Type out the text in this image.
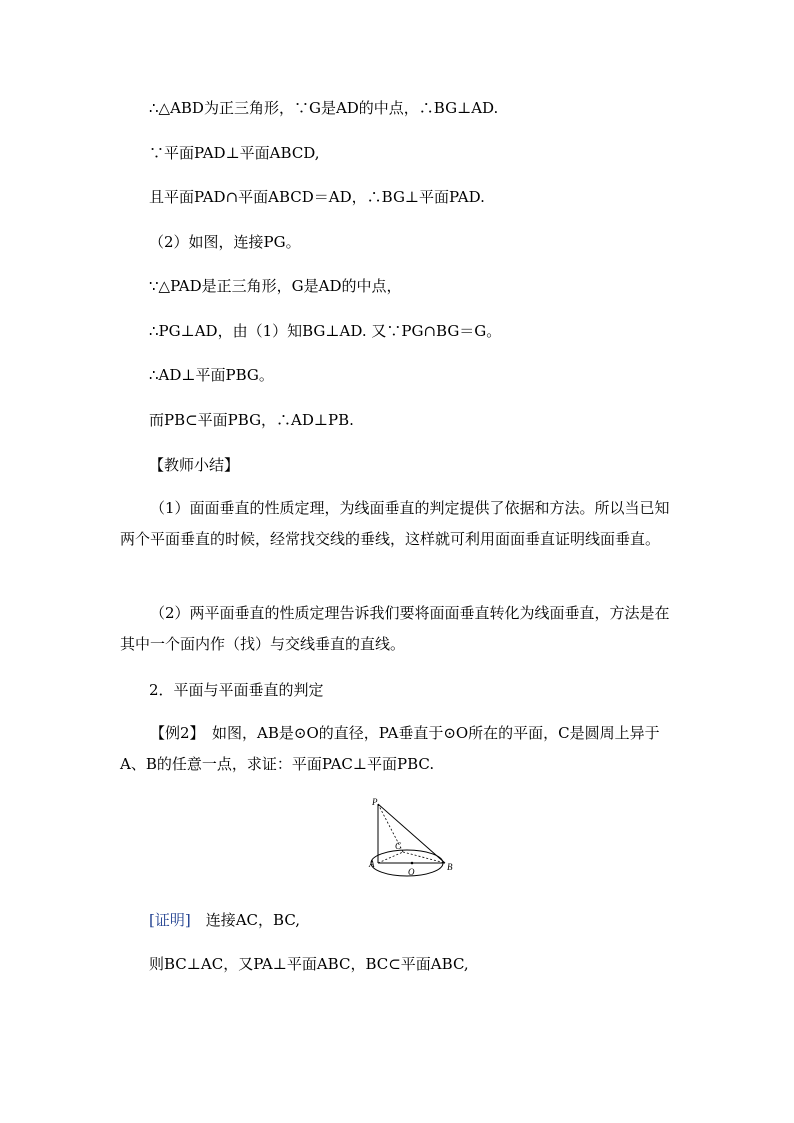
∴△ABD为正三角形，∵G是AD的中点，∴BG⊥AD.
∵平面PAD⊥平面ABCD,
且平面PAD∩平面ABCD＝AD，∴BG⊥平面PAD.
（2）如图，连接PG。
∵△PAD是正三角形，G是AD的中点，
∴PG⊥AD，由（1）知BG⊥AD. 又∵PG∩BG＝G。
∴AD⊥平面PBG。
而PB⊂平面PBG，∴AD⊥PB.
【教师小结】
（1）面面垂直的性质定理，为线面垂直的判定提供了依据和方法。所以当已知两个平面垂直的时候，经常找交线的垂线，这样就可利用面面垂直证明线面垂直。
（2）两平面垂直的性质定理告诉我们要将面面垂直转化为线面垂直，方法是在其中一个面内作（找）与交线垂直的直线。
2．平面与平面垂直的判定
【例2】　如图，AB是⊙O的直径，PA垂直于⊙O所在的平面，C是圆周上异于A、B的任意一点，求证：平面PAC⊥平面PBC.
P
A	B
C
O
[证明]　连接AC，BC,
则BC⊥AC，又PA⊥平面ABC，BC⊂平面ABC,
